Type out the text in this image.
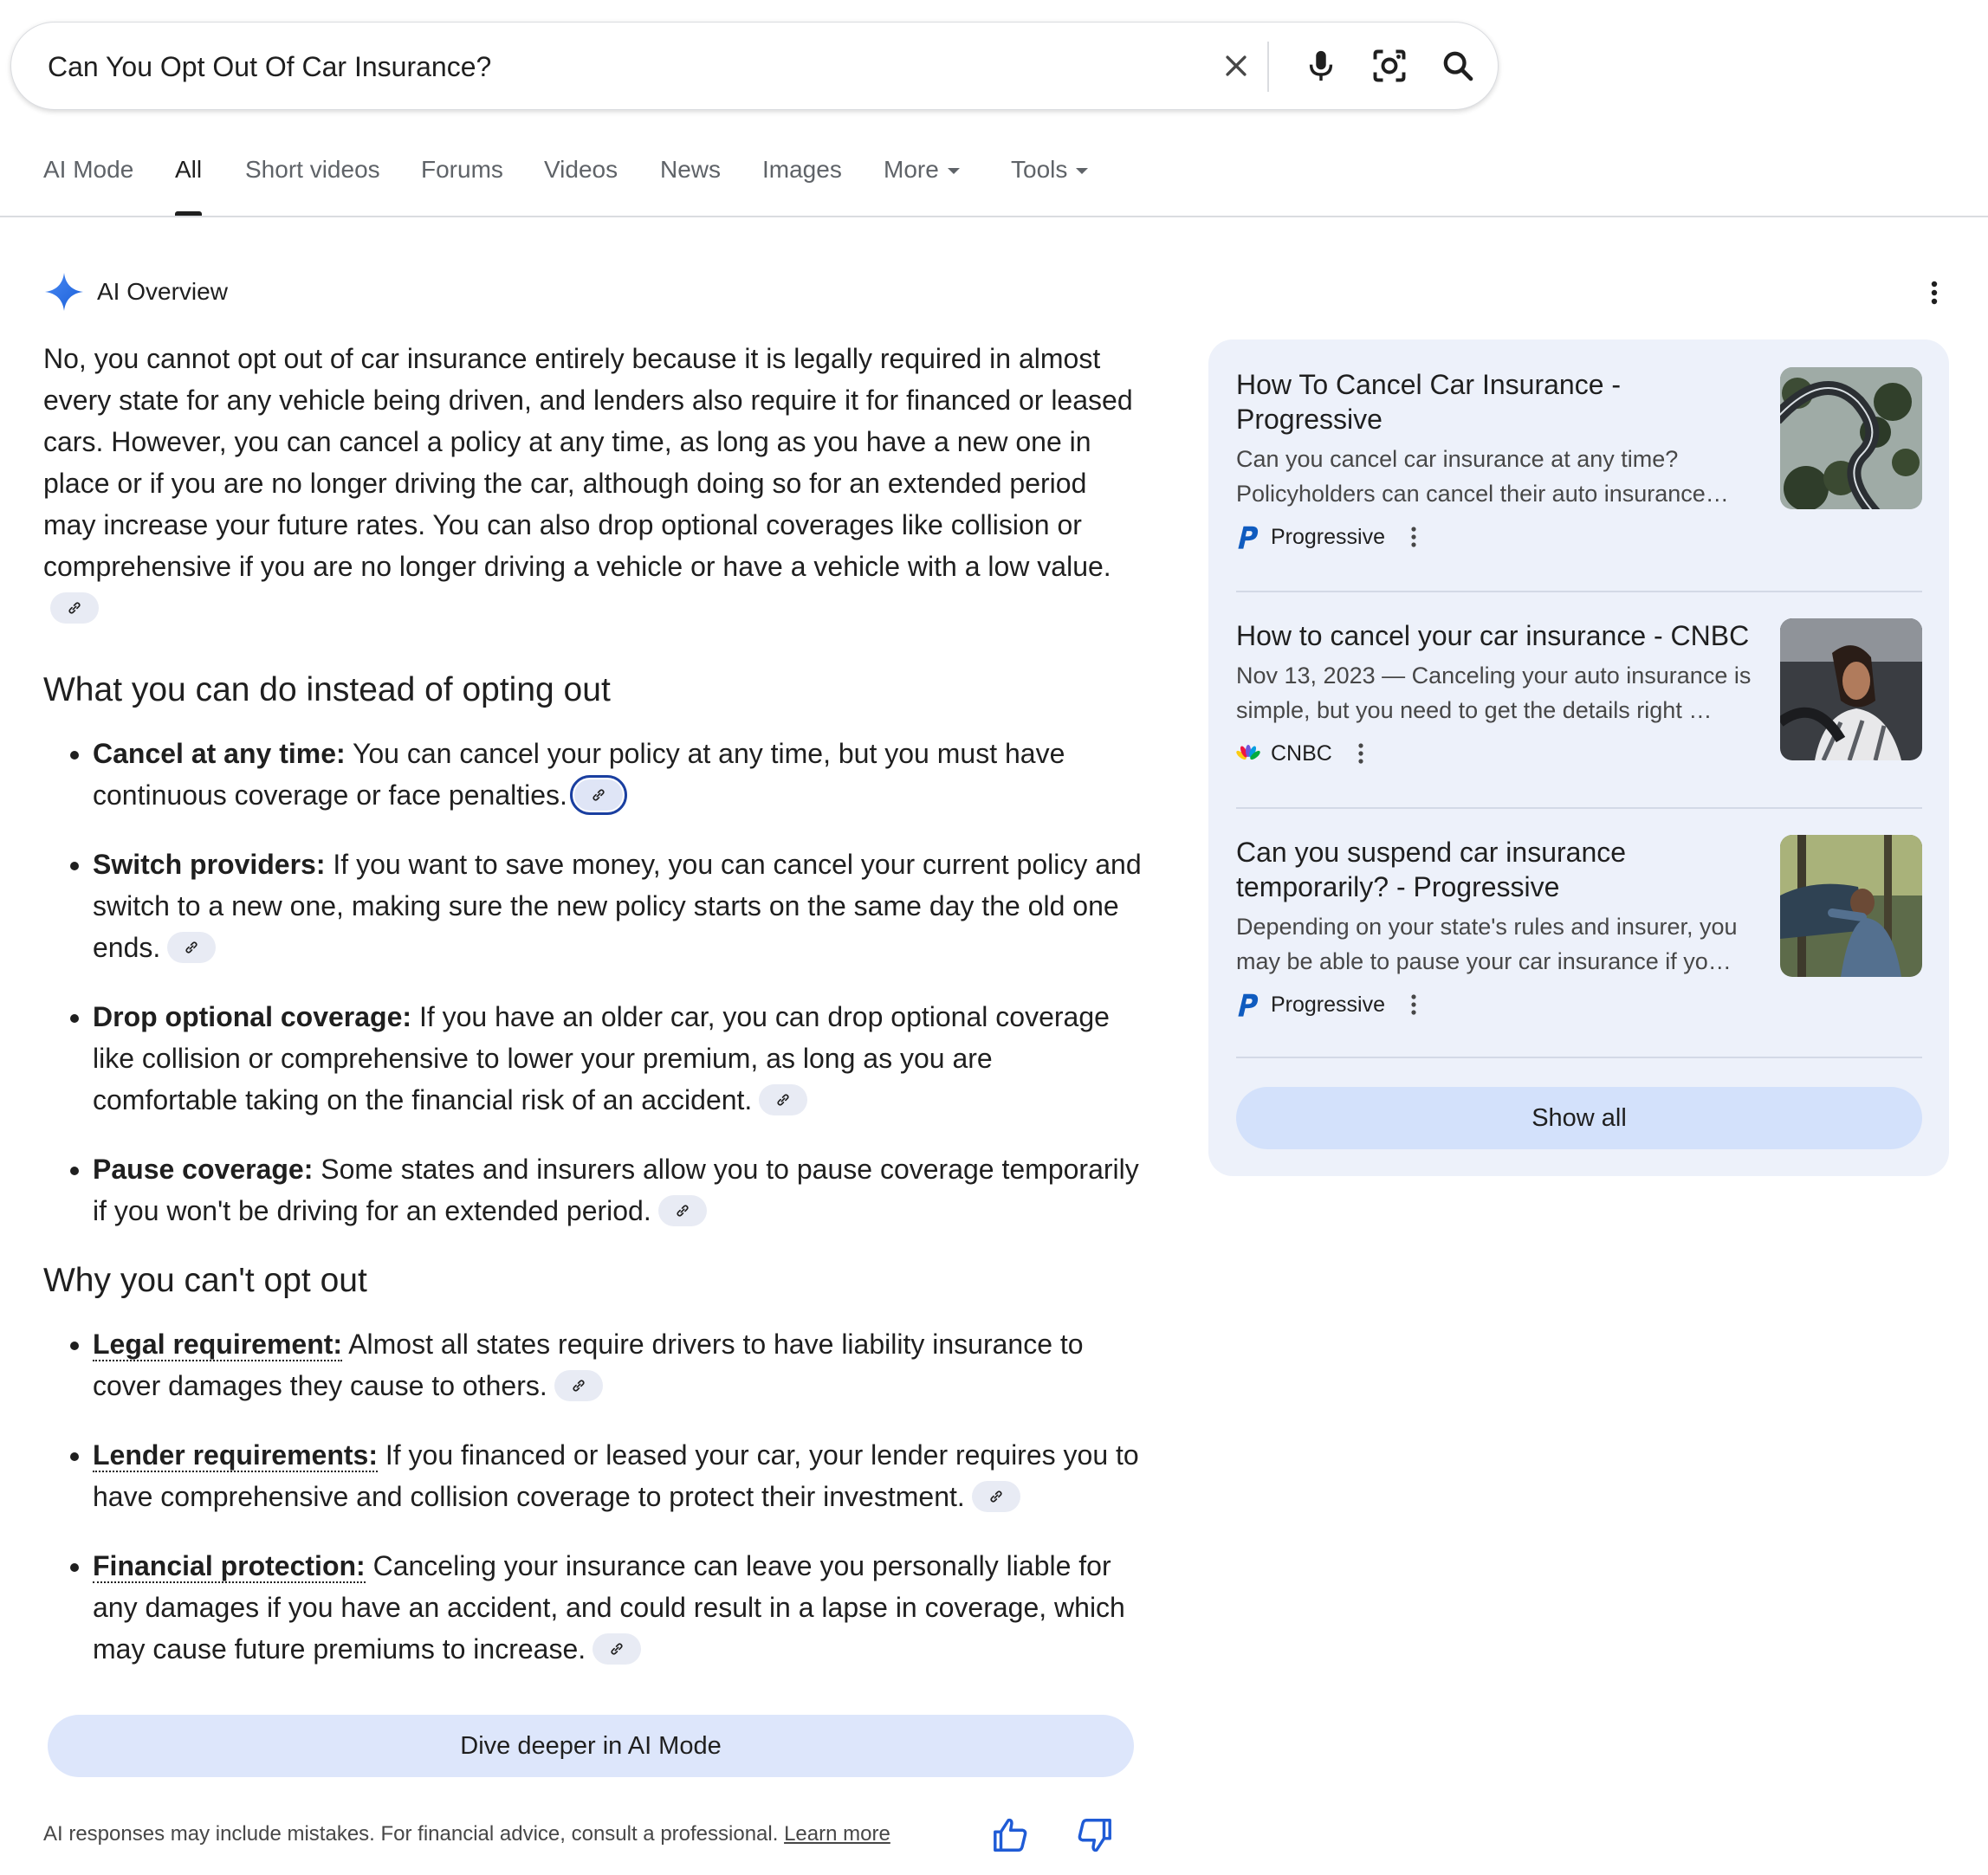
Can You Opt Out Of Car Insurance?
AI Mode All Short videos Forums Videos News Images More	Tools
AI Overview

No, you cannot opt out of car insurance entirely because it is legally required in almost every state for any vehicle being driven, and lenders also require it for financed or leased cars. However, you can cancel a policy at any time, as long as you have a new one in place or if you are no longer driving the car, although doing so for an extended period may increase your future rates. You can also drop optional coverages like collision or comprehensive if you are no longer driving a vehicle or have a vehicle with a low value.

What you can do instead of opting out
• Cancel at any time: You can cancel your policy at any time, but you must have continuous coverage or face penalties.
• Switch providers: If you want to save money, you can cancel your current policy and switch to a new one, making sure the new policy starts on the same day the old one ends.
• Drop optional coverage: If you have an older car, you can drop optional coverage like collision or comprehensive to lower your premium, as long as you are comfortable taking on the financial risk of an accident.
• Pause coverage: Some states and insurers allow you to pause coverage temporarily if you won't be driving for an extended period.
Why you can't opt out
• Legal requirement: Almost all states require drivers to have liability insurance to cover damages they cause to others.
• Lender requirements: If you financed or leased your car, your lender requires you to have comprehensive and collision coverage to protect their investment.
• Financial protection: Canceling your insurance can leave you personally liable for any damages if you have an accident, and could result in a lapse in coverage, which may cause future premiums to increase.
Dive deeper in AI Mode
AI responses may include mistakes. For financial advice, consult a professional. Learn more
How To Cancel Car Insurance - Progressive
Can you cancel car insurance at any time? Policyholders can cancel their auto insurance…
Progressive
How to cancel your car insurance - CNBC
Nov 13, 2023 — Canceling your auto insurance is simple, but you need to get the details right …
CNBC
Can you suspend car insurance temporarily? - Progressive
Depending on your state's rules and insurer, you may be able to pause your car insurance if yo…
Progressive
Show all
